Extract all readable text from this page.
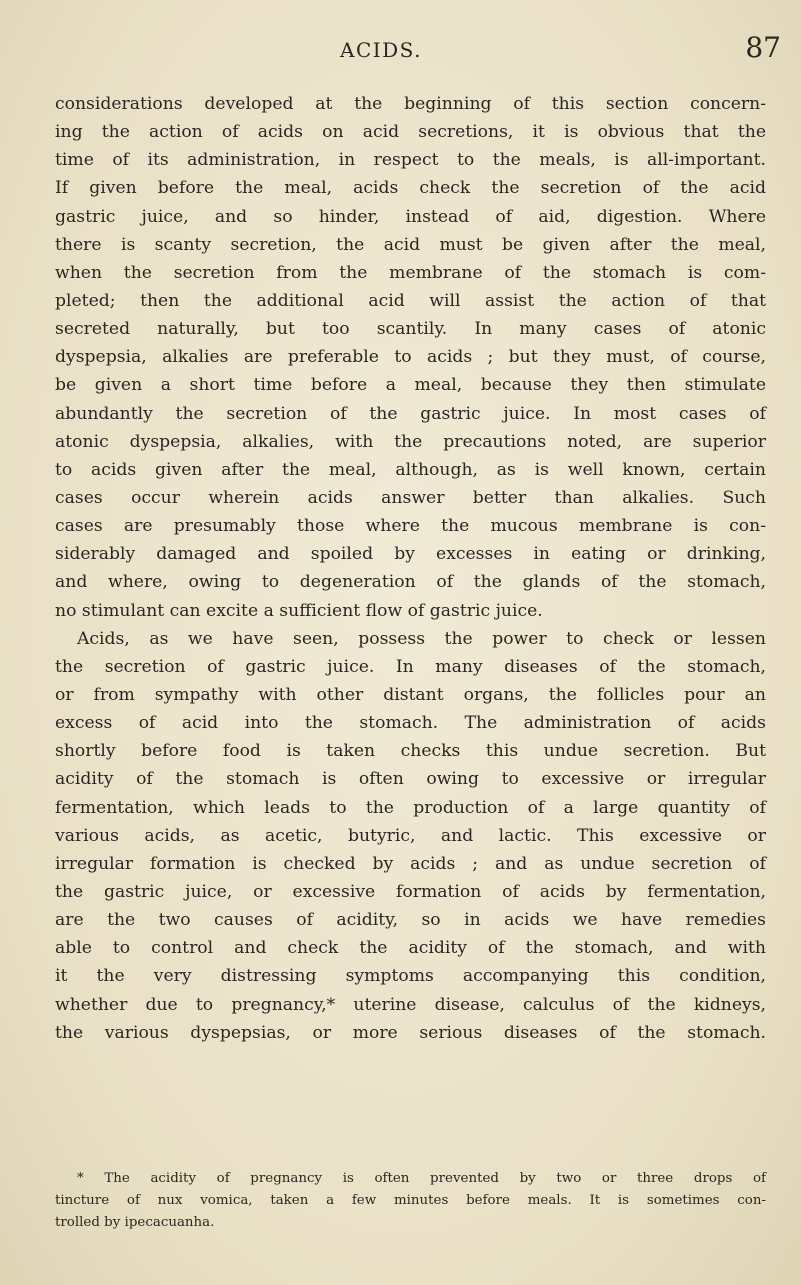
ACIDS.	87
considerations developed at the beginning of this section concern-
ing the action of acids on acid secretions, it is obvious that the
time of its administration, in respect to the meals, is all-important.
If given before the meal, acids check the secretion of the acid
gastric juice, and so hinder, instead of aid, digestion. Where
there is scanty secretion, the acid must be given after the meal,
when the secretion from the membrane of the stomach is com-
pleted; then the additional acid will assist the action of that
secreted naturally, but too scantily. In many cases of atonic
dyspepsia, alkalies are preferable to acids ; but they must, of course,
be given a short time before a meal, because they then stimulate
abundantly the secretion of the gastric juice. In most cases of
atonic dyspepsia, alkalies, with the precautions noted, are superior
to acids given after the meal, although, as is well known, certain
cases occur wherein acids answer better than alkalies. Such
cases are presumably those where the mucous membrane is con-
siderably damaged and spoiled by excesses in eating or drinking,
and where, owing to degeneration of the glands of the stomach,
no stimulant can excite a sufficient flow of gastric juice.
Acids, as we have seen, possess the power to check or lessen
the secretion of gastric juice. In many diseases of the stomach,
or from sympathy with other distant organs, the follicles pour an
excess of acid into the stomach. The administration of acids
shortly before food is taken checks this undue secretion. But
acidity of the stomach is often owing to excessive or irregular
fermentation, which leads to the production of a large quantity of
various acids, as acetic, butyric, and lactic. This excessive or
irregular formation is checked by acids ; and as undue secretion of
the gastric juice, or excessive formation of acids by fermentation,
are the two causes of acidity, so in acids we have remedies
able to control and check the acidity of the stomach, and with
it the very distressing symptoms accompanying this condition,
whether due to pregnancy,* uterine disease, calculus of the kidneys,
the various dyspepsias, or more serious diseases of the stomach.
* The acidity of pregnancy is often prevented by two or three drops of
tincture of nux vomica, taken a few minutes before meals. It is sometimes con-
trolled by ipecacuanha.
